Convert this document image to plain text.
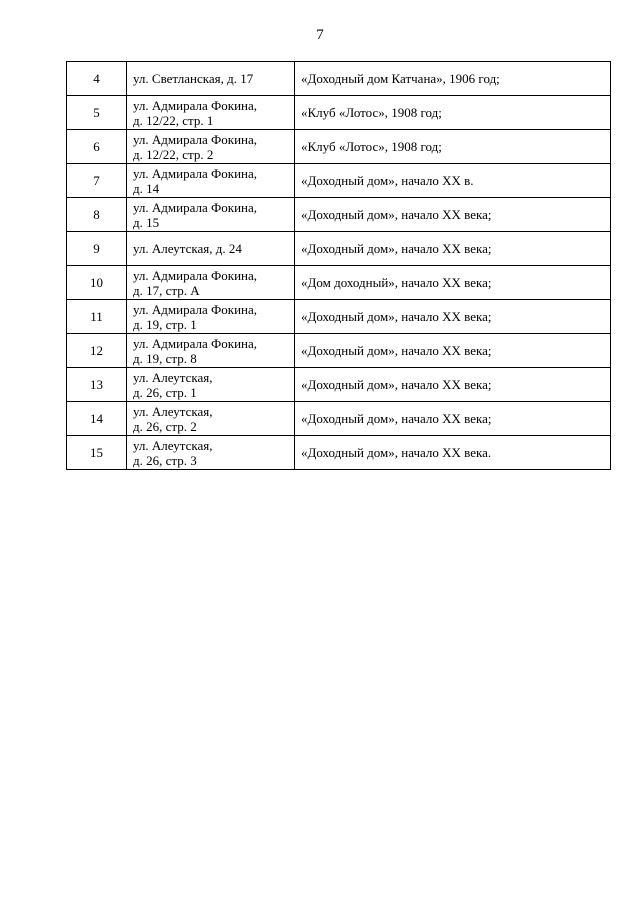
7
4	ул. Светланская, д. 17	«Доходный дом Катчана», 1906 год;
5	ул. Адмирала Фокина,
д. 12/22, стр. 1	«Клуб «Лотос», 1908 год;
6	ул. Адмирала Фокина,
д. 12/22, стр. 2	«Клуб «Лотос», 1908 год;
7	ул. Адмирала Фокина,
д. 14	«Доходный дом», начало XX в.
8	ул. Адмирала Фокина,
д. 15	«Доходный дом», начало XX века;
9	ул. Алеутская, д. 24	«Доходный дом», начало XX века;
10	ул. Адмирала Фокина,
д. 17, стр. А	«Дом доходный», начало XX века;
11	ул. Адмирала Фокина,
д. 19, стр. 1	«Доходный дом», начало XX века;
12	ул. Адмирала Фокина,
д. 19, стр. 8	«Доходный дом», начало XX века;
13	ул. Алеутская,
д. 26, стр. 1	«Доходный дом», начало XX века;
14	ул. Алеутская,
д. 26, стр. 2	«Доходный дом», начало XX века;
15	ул. Алеутская,
д. 26, стр. 3	«Доходный дом», начало XX века.
